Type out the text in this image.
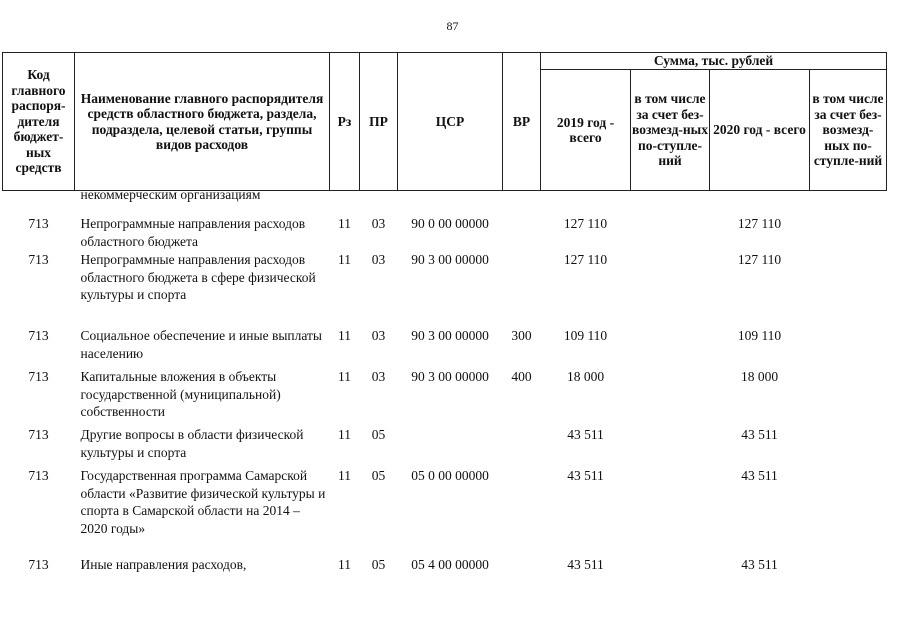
87
Код главного распоря-дителя бюджет-ных средств	Наименование главного распорядителя средств областного бюджета, раздела, подраздела, целевой статьи, группы видов расходов	Рз	ПР	ЦСР	ВР	Сумма, тыс. рублей			
						2019 год - всего	в том числе за счет без-возмезд-ных по-ступле-ний	2020 год - всего	в том числе за счет без-возмезд-ных по-ступле-ний
	некоммерческим организациям								
713	Непрограммные направления расходов областного бюджета	11	03	90 0 00 00000		127 110		127 110	
713	Непрограммные направления расходов областного бюджета в сфере физической культуры и спорта	11	03	90 3 00 00000		127 110		127 110	
713	Социальное обеспечение и иные выплаты населению	11	03	90 3 00 00000	300	109 110		109 110	
713	Капитальные вложения в объекты государственной (муниципальной) собственности	11	03	90 3 00 00000	400	18 000		18 000	
713	Другие вопросы в области физической культуры и спорта	11	05			43 511		43 511	
713	Государственная программа Самарской области «Развитие физической культуры и спорта в Самарской области на 2014 – 2020 годы»	11	05	05 0 00 00000		43 511		43 511	
713	Иные направления расходов,	11	05	05 4 00 00000		43 511		43 511	
